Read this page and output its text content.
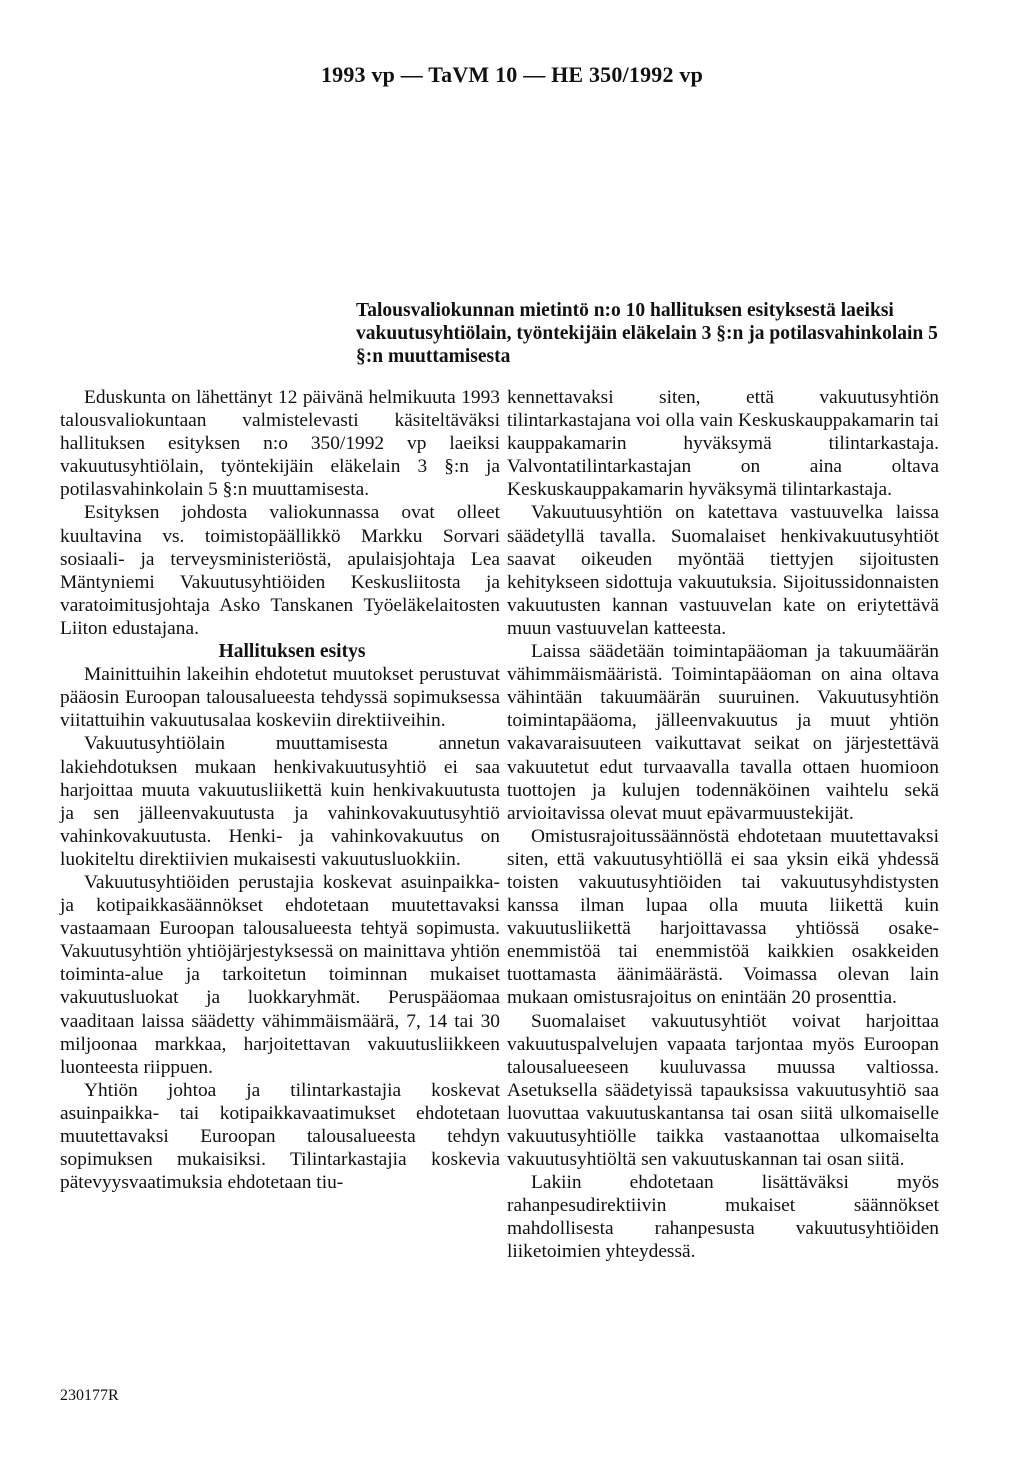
1993 vp — TaVM 10 — HE 350/1992 vp
Talousvaliokunnan mietintö n:o 10 hallituksen esityksestä laeiksi vakuutusyhtiölain, työntekijäin eläkelain 3 §:n ja potilasvahinkolain 5 §:n muuttamisesta

Eduskunta on lähettänyt 12 päivänä helmikuuta 1993 talousvaliokuntaan valmistelevasti käsiteltäväksi hallituksen esityksen n:o 350/1992 vp laeiksi vakuutusyhtiölain, työntekijäin eläkelain 3 §:n ja potilasvahinkolain 5 §:n muuttamisesta.

Esityksen johdosta valiokunnassa ovat olleet kuultavina vs. toimistopäällikkö Markku Sorvari sosiaali- ja terveysministeriöstä, apulaisjohtaja Lea Mäntyniemi Vakuutusyhtiöiden Keskusliitosta ja varatoimitusjohtaja Asko Tanskanen Työeläkelaitosten Liiton edustajana.

Hallituksen esitys

Mainittuihin lakeihin ehdotetut muutokset perustuvat pääosin Euroopan talousalueesta tehdyssä sopimuksessa viitattuihin vakuutusalaa koskeviin direktiiveihin.

Vakuutusyhtiölain muuttamisesta annetun lakiehdotuksen mukaan henkivakuutusyhtiö ei saa harjoittaa muuta vakuutusliikettä kuin henkivakuutusta ja sen jälleenvakuutusta ja vahinkovakuutusyhtiö vahinkovakuutusta. Henki- ja vahinkovakuutus on luokiteltu direktiivien mukaisesti vakuutusluokkiin.

Vakuutusyhtiöiden perustajia koskevat asuinpaikka- ja kotipaikkasäännökset ehdotetaan muutettavaksi vastaamaan Euroopan talousalueesta tehtyä sopimusta. Vakuutusyhtiön yhtiöjärjestyksessä on mainittava yhtiön toiminta-alue ja tarkoitetun toiminnan mukaiset vakuutusluokat ja luokkaryhmät. Peruspääomaa vaaditaan laissa säädetty vähimmäismäärä, 7, 14 tai 30 miljoonaa markkaa, harjoitettavan vakuutusliikkeen luonteesta riippuen.

Yhtiön johtoa ja tilintarkastajia koskevat asuinpaikka- tai kotipaikkavaatimukset ehdotetaan muutettavaksi Euroopan talousalueesta tehdyn sopimuksen mukaisiksi. Tilintarkastajia koskevia pätevyysvaatimuksia ehdotetaan tiu-

kennettavaksi siten, että vakuutusyhtiön tilintarkastajana voi olla vain Keskuskauppakamarin tai kauppakamarin hyväksymä tilintarkastaja. Valvontatilintarkastajan on aina oltava Keskuskauppakamarin hyväksymä tilintarkastaja.

Vakuutuusyhtiön on katettava vastuuvelka laissa säädetyllä tavalla. Suomalaiset henkivakuutusyhtiöt saavat oikeuden myöntää tiettyjen sijoitusten kehitykseen sidottuja vakuutuksia. Sijoitussidonnaisten vakuutusten kannan vastuuvelan kate on eriytettävä muun vastuuvelan katteesta.

Laissa säädetään toimintapääoman ja takuumäärän vähimmäismääristä. Toimintapääoman on aina oltava vähintään takuumäärän suuruinen. Vakuutusyhtiön toimintapääoma, jälleenvakuutus ja muut yhtiön vakavaraisuuteen vaikuttavat seikat on järjestettävä vakuutetut edut turvaavalla tavalla ottaen huomioon tuottojen ja kulujen todennäköinen vaihtelu sekä arvioitavissa olevat muut epävarmuustekijät.

Omistusrajoitussäännöstä ehdotetaan muutettavaksi siten, että vakuutusyhtiöllä ei saa yksin eikä yhdessä toisten vakuutusyhtiöiden tai vakuutusyhdistysten kanssa ilman lupaa olla muuta liikettä kuin vakuutusliikettä harjoittavassa yhtiössä osake-enemmistöä tai enemmistöä kaikkien osakkeiden tuottamasta äänimäärästä. Voimassa olevan lain mukaan omistusrajoitus on enintään 20 prosenttia.

Suomalaiset vakuutusyhtiöt voivat harjoittaa vakuutuspalvelujen vapaata tarjontaa myös Euroopan talousalueeseen kuuluvassa muussa valtiossa. Asetuksella säädetyissä tapauksissa vakuutusyhtiö saa luovuttaa vakuutuskantansa tai osan siitä ulkomaiselle vakuutusyhtiölle taikka vastaanottaa ulkomaiselta vakuutusyhtiöltä sen vakuutuskannan tai osan siitä.

Lakiin ehdotetaan lisättäväksi myös rahanpesudirektiivin mukaiset säännökset mahdollisesta rahanpesusta vakuutusyhtiöiden liiketoimien yhteydessä.

230177R
